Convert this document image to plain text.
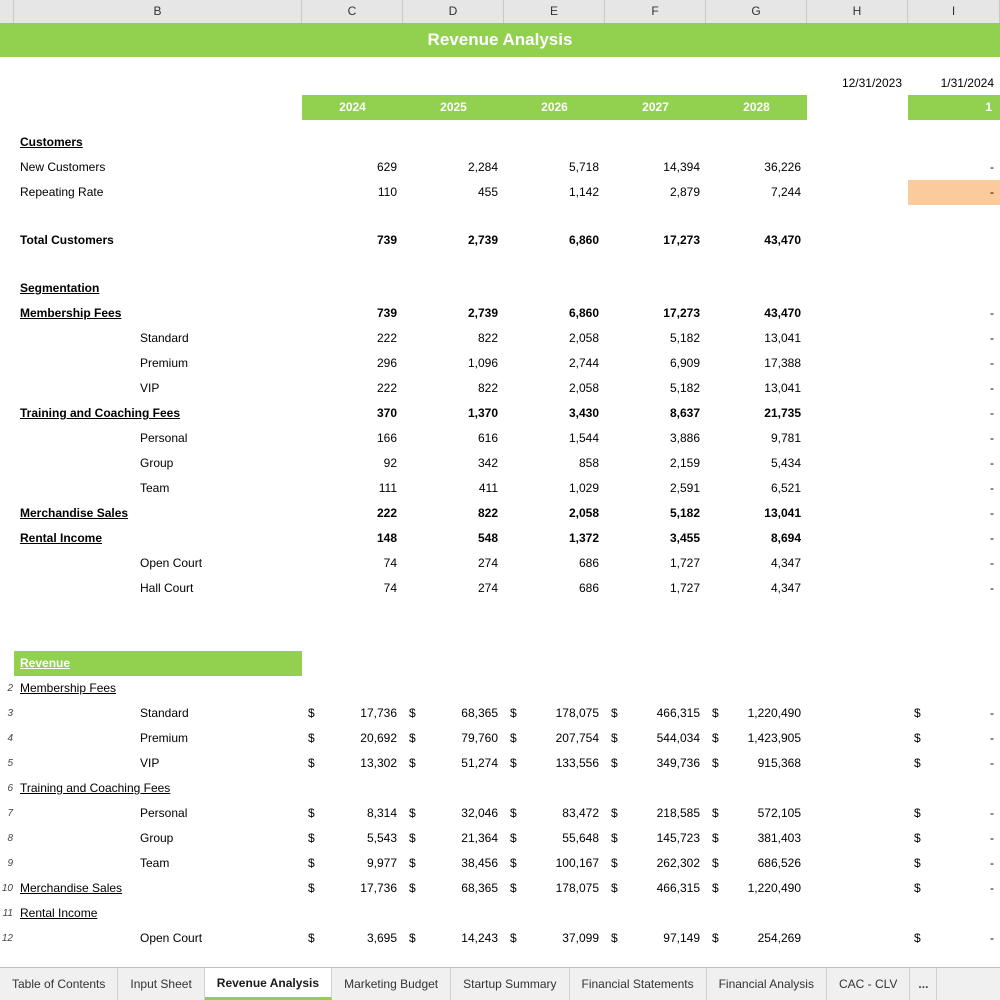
B	C	D	E	F	G	H	I
Revenue Analysis
12/31/2023	1/31/2024
2024	2025	2026	2027	2028	1
Customers
New Customers	629	2,284	5,718	14,394	36,226	-
Repeating Rate	110	455	1,142	2,879	7,244	-
Total Customers	739	2,739	6,860	17,273	43,470
Segmentation
Membership Fees	739	2,739	6,860	17,273	43,470	-
Standard	222	822	2,058	5,182	13,041	-
Premium	296	1,096	2,744	6,909	17,388	-
VIP	222	822	2,058	5,182	13,041	-
Training and Coaching Fees	370	1,370	3,430	8,637	21,735	-
Personal	166	616	1,544	3,886	9,781	-
Group	92	342	858	2,159	5,434	-
Team	111	411	1,029	2,591	6,521	-
Merchandise Sales	222	822	2,058	5,182	13,041	-
Rental Income	148	548	1,372	3,455	8,694	-
Open Court	74	274	686	1,727	4,347	-
Hall Court	74	274	686	1,727	4,347	-
Revenue
2 Membership Fees
3	Standard	$	17,736	$	68,365	$	178,075	$	466,315	$ 1,220,490	$	-
4	Premium	$	20,692	$	79,760	$	207,754	$	544,034	$ 1,423,905	$	-
5	VIP	$	13,302	$	51,274	$	133,556	$	349,736	$	915,368	$	-
6 Training and Coaching Fees
7	Personal	$	8,314	$	32,046	$	83,472	$	218,585	$	572,105	$	-
8	Group	$	5,543	$	21,364	$	55,648	$	145,723	$	381,403	$	-
9	Team	$	9,977	$	38,456	$	100,167	$	262,302	$	686,526	$	-
10 Merchandise Sales	$	17,736	$	68,365	$	178,075	$	466,315	$ 1,220,490	$	-
11 Rental Income
12	Open Court	$	3,695	$	14,243	$	37,099	$	97,149	$	254,269	$	-
Table of Contents	Input Sheet	Revenue Analysis	Marketing Budget	Startup Summary	Financial Statements	Financial Analysis	CAC - CLV	...
